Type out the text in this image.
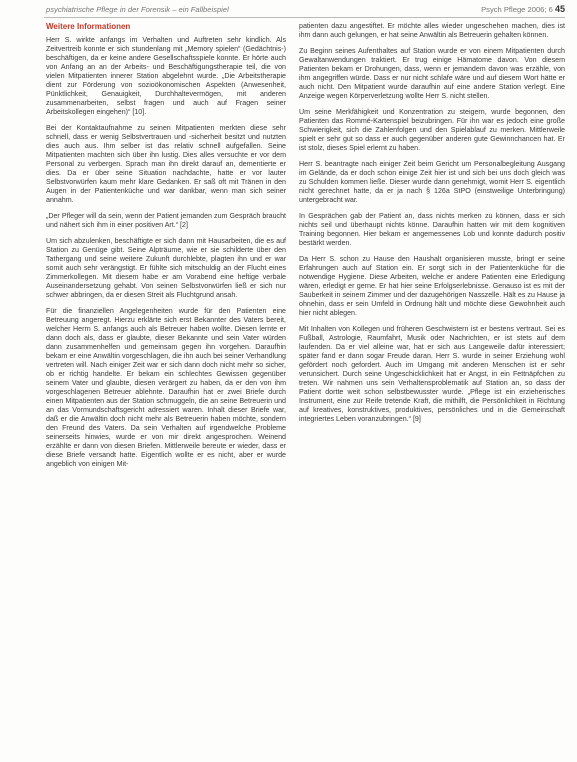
psychiatrische Pflege in der Forensik – ein Fallbeispiel	Psych Pflege 2006; 6 45
Weitere Informationen

Herr S. wirkte anfangs im Verhalten und Auftreten sehr kindlich. Als Zeitvertreib konnte er sich stundenlang mit „Memory spielen“ (Gedächtnis-) beschäftigen, da er keine andere Gesellschaftsspiele konnte. Er hörte auch von Anfang an an der Arbeits- und Beschäftigungstherapie teil, die von vielen Mitpatienten innerer Station abgelehnt wurde. „Die Arbeitstherapie dient zur Förderung von sozioökonomischen Aspekten (Anwesenheit, Pünktlichkeit, Genauigkeit, Durchhaltevermögen, mit anderen zusammenarbeiten, selbst fragen und auch auf Fragen seiner Arbeitskollegen eingehen)“ [10].

Bei der Kontaktaufnahme zu seinen Mitpatienten merkten diese sehr schnell, dass er wenig Selbstvertrauen und -sicherheit besitzt und nutzten dies auch aus. Ihm selber ist das relativ schnell aufgefallen. Seine Mitpatienten machten sich über ihn lustig. Dies alles versuchte er vor dem Personal zu verbergen. Sprach man ihn direkt darauf an, dementierte er dies. Da er über seine Situation nachdachte, hatte er vor lauter Selbstvorwürfen kaum mehr klare Gedanken. Er saß oft mit Tränen in den Augen in der Patientenküche und war dankbar, wenn man sich seiner annahm.

„Der Pfleger will da sein, wenn der Patient jemanden zum Gespräch braucht und nähert sich ihm in einer positiven Art.“ [2]

Um sich abzulenken, beschäftigte er sich dann mit Hausarbeiten, die es auf Station zu Genüge gibt. Seine Alpträume, wie er sie schilderte über den Tathergang und seine weitere Zukunft durchlebte, plagten ihn und er war somit auch sehr verängstigt. Er fühlte sich mitschuldig an der Flucht eines Zimmerkollegen. Mit diesem habe er am Vorabend eine heftige verbale Auseinandersetzung gehabt. Von seinen Selbstvorwürfen ließ er sich nur schwer abbringen, da er diesen Streit als Fluchtgrund ansah.

Für die finanziellen Angelegenheiten wurde für den Patienten eine Betreuung angeregt. Hierzu erklärte sich erst Bekannter des Vaters bereit, welcher Herrn S. anfangs auch als Betreuer haben wollte. Diesen lernte er dann doch als, dass er glaubte, dieser Bekannte und sein Vater würden dann zusammenhelfen und gemeinsam gegen ihn vorgehen. Daraufhin bekam er eine Anwältin vorgeschlagen, die ihn auch bei seiner Verhandlung vertreten will. Nach einiger Zeit war er sich dann doch nicht mehr so sicher, ob er richtig handelte. Er bekam ein schlechtes Gewissen gegenüber seinem Vater und glaubte, diesen verärgert zu haben, da er den von ihm vorgeschlagenen Betreuer ablehnte. Daraufhin hat er zwei Briefe durch einen Mitpatienten aus der Station schmuggeln, die an seine Betreuerin und an das Vormundschaftsgericht adressiert waren. Inhalt dieser Briefe war, daß er die Anwältin doch nicht mehr als Betreuerin haben möchte, sondern den Freund des Vaters. Da sein Verhalten auf irgendwelche Probleme seinerseits hinwies, wurde er von mir direkt angesprochen. Weinend erzählte er dann von diesen Briefen. Mittlerweile bereute er wieder, dass er diese Briefe versandt hatte. Eigentlich wollte er es nicht, aber er wurde angeblich von einigen Mit-

patienten dazu angestiftet. Er möchte alles wieder ungeschehen machen, dies ist ihm dann auch gelungen, er hat seine Anwältin als Betreuerin gehalten können.

Zu Beginn seines Aufenthaltes auf Station wurde er von einem Mitpatienten durch Gewaltanwendungen traktiert. Er trug einige Hämatome davon. Von diesem Patienten bekam er Drohungen, dass, wenn er jemandem davon was erzähle, von ihm angegriffen würde. Dass er nur nicht schlafe wäre und auf diesem Wort hätte er auch nicht. Den Mitpatient wurde daraufhin auf eine andere Station verlegt. Eine Anzeige wegen Körperverletzung wollte Herr S. nicht stellen.

Um seine Merkfähigkeit und Konzentration zu steigern, wurde begonnen, den Patienten das Rommé-Kartenspiel beizubringen. Für ihn war es jedoch eine große Schwierigkeit, sich die Zahlenfolgen und den Spielablauf zu merken. Mittlerweile spielt er sehr gut so dass er auch gegenüber anderen gute Gewinnchancen hat. Er ist stolz, dieses Spiel erlernt zu haben.

Herr S. beantragte nach einiger Zeit beim Gericht um Personalbegleitung Ausgang im Gelände, da er doch schon einige Zeit hier ist und sich bei uns doch gleich was zu Schulden kommen ließe. Dieser wurde dann genehmigt, womit Herr S. eigentlich nicht gerechnet hatte, da er ja nach § 126a StPO (einstweilige Unterbringung) untergebracht war.

In Gesprächen gab der Patient an, dass nichts merken zu können, dass er sich nichts seil und überhaupt nichts könne. Daraufhin hatten wir mit dem kognitiven Training begonnen. Hier bekam er angemessenes Lob und konnte dadurch positiv bestärkt werden.

Da Herr S. schon zu Hause den Haushalt organisieren musste, bringt er seine Erfahrungen auch auf Station ein. Er sorgt sich in der Patientenküche für die notwendige Hygiene. Diese Arbeiten, welche er andere Patienten eine Erledigung wären, erledigt er gerne. Er hat hier seine Erfolgserlebnisse. Genauso ist es mit der Sauberkeit in seinem Zimmer und der dazugehörigen Nasszelle. Hält es zu Hause ja ohnehin, dass er sein Umfeld in Ordnung hält und möchte diese Gewohnheit auch hier nicht ablegen.

Mit Inhalten von Kollegen und früheren Geschwistern ist er bestens vertraut. Sei es Fußball, Astrologie, Raumfahrt, Musik oder Nachrichten, er ist stets auf dem laufenden. Da er viel alleine war, hat er sich aus Langeweile dafür interessiert; später fand er dann sogar Freude daran. Herr S. wurde in seiner Erziehung wohl gefördert noch gefordert. Auch im Umgang mit anderen Menschen ist er sehr verunsichert. Durch seine Ungeschicklichkeit hat er Angst, in ein Fettnäpfchen zu treten. Wir nahmen uns sein Verhaltensproblematik auf Station an, so dass der Patient dortte weit schon selbstbewusster wurde. „Pflege ist ein erzieherisches Instrument, eine zur Reife tretende Kraft, die mithilft, die Persönlichkeit in Richtung auf kreatives, konstruktives, produktives, persönliches und in die Gemeinschaft integriertes Leben voranzubringen.“ [9]
